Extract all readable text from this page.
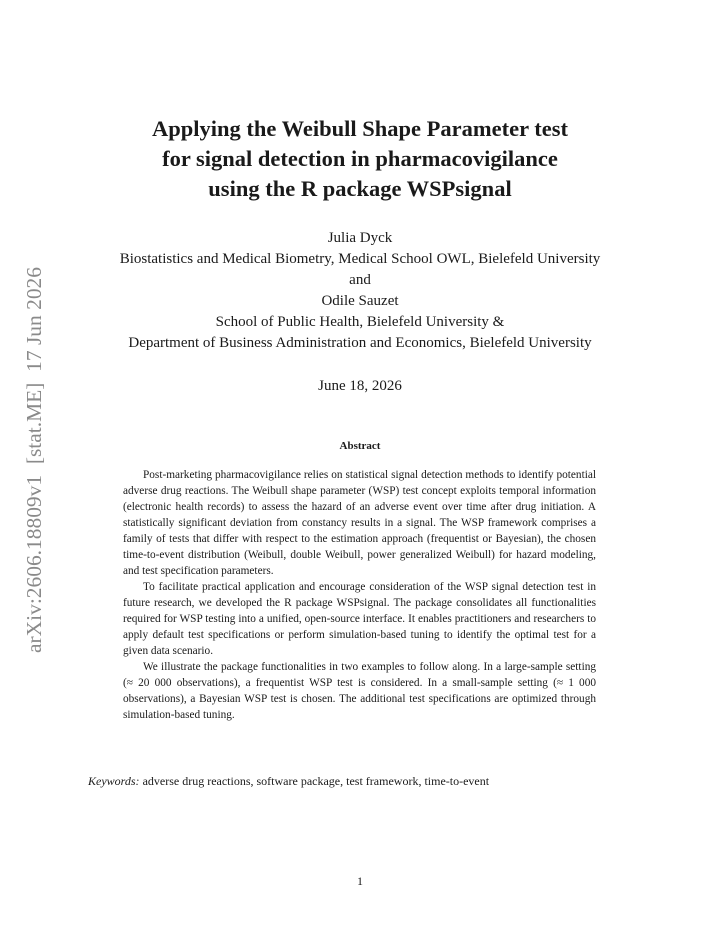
arXiv:2606.18809v1  [stat.ME]  17 Jun 2026
Applying the Weibull Shape Parameter test
for signal detection in pharmacovigilance
using the R package WSPsignal
Julia Dyck
Biostatistics and Medical Biometry, Medical School OWL, Bielefeld University
and
Odile Sauzet
School of Public Health, Bielefeld University &
Department of Business Administration and Economics, Bielefeld University
June 18, 2026
Abstract

Post-marketing pharmacovigilance relies on statistical signal detection methods to identify potential adverse drug reactions. The Weibull shape parameter (WSP) test concept exploits temporal information (electronic health records) to assess the hazard of an adverse event over time after drug initiation. A statistically significant deviation from constancy results in a signal. The WSP framework comprises a family of tests that differ with respect to the estimation approach (frequentist or Bayesian), the chosen time-to-event distribution (Weibull, double Weibull, power generalized Weibull) for hazard modeling, and test specification parameters.

To facilitate practical application and encourage consideration of the WSP signal detection test in future research, we developed the R package WSPsignal. The package consolidates all functionalities required for WSP testing into a unified, open-source interface. It enables practitioners and researchers to apply default test specifications or perform simulation-based tuning to identify the optimal test for a given data scenario.

We illustrate the package functionalities in two examples to follow along. In a large-sample setting (≈ 20 000 observations), a frequentist WSP test is considered. In a small-sample setting (≈ 1 000 observations), a Bayesian WSP test is chosen. The additional test specifications are optimized through simulation-based tuning.

Keywords: adverse drug reactions, software package, test framework, time-to-event
1
